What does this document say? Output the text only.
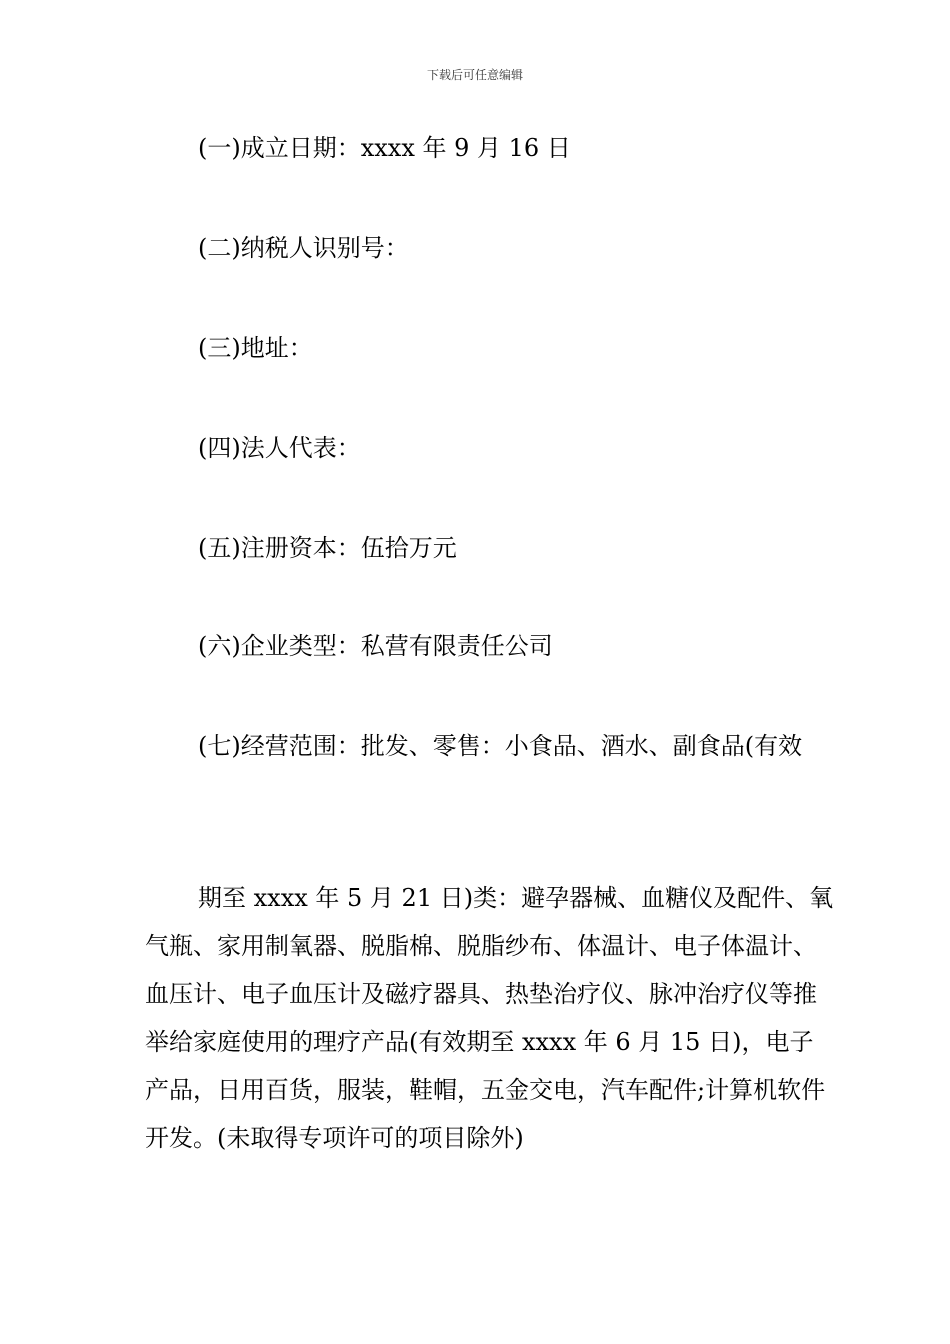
下载后可任意编辑
(一)成立日期：xxxx 年 9 月 16 日
(二)纳税人识别号：
(三)地址：
(四)法人代表：
(五)注册资本：伍拾万元
(六)企业类型：私营有限责任公司
(七)经营范围：批发、零售：小食品、酒水、副食品(有效
期至 xxxx 年 5 月 21 日)类：避孕器械、血糖仪及配件、氧气瓶、家用制氧器、脱脂棉、脱脂纱布、体温计、电子体温计、血压计、电子血压计及磁疗器具、热垫治疗仪、脉冲治疗仪等推举给家庭使用的理疗产品(有效期至 xxxx 年 6 月 15 日)，电子产品，日用百货，服装，鞋帽，五金交电，汽车配件;计算机软件开发。(未取得专项许可的项目除外)
